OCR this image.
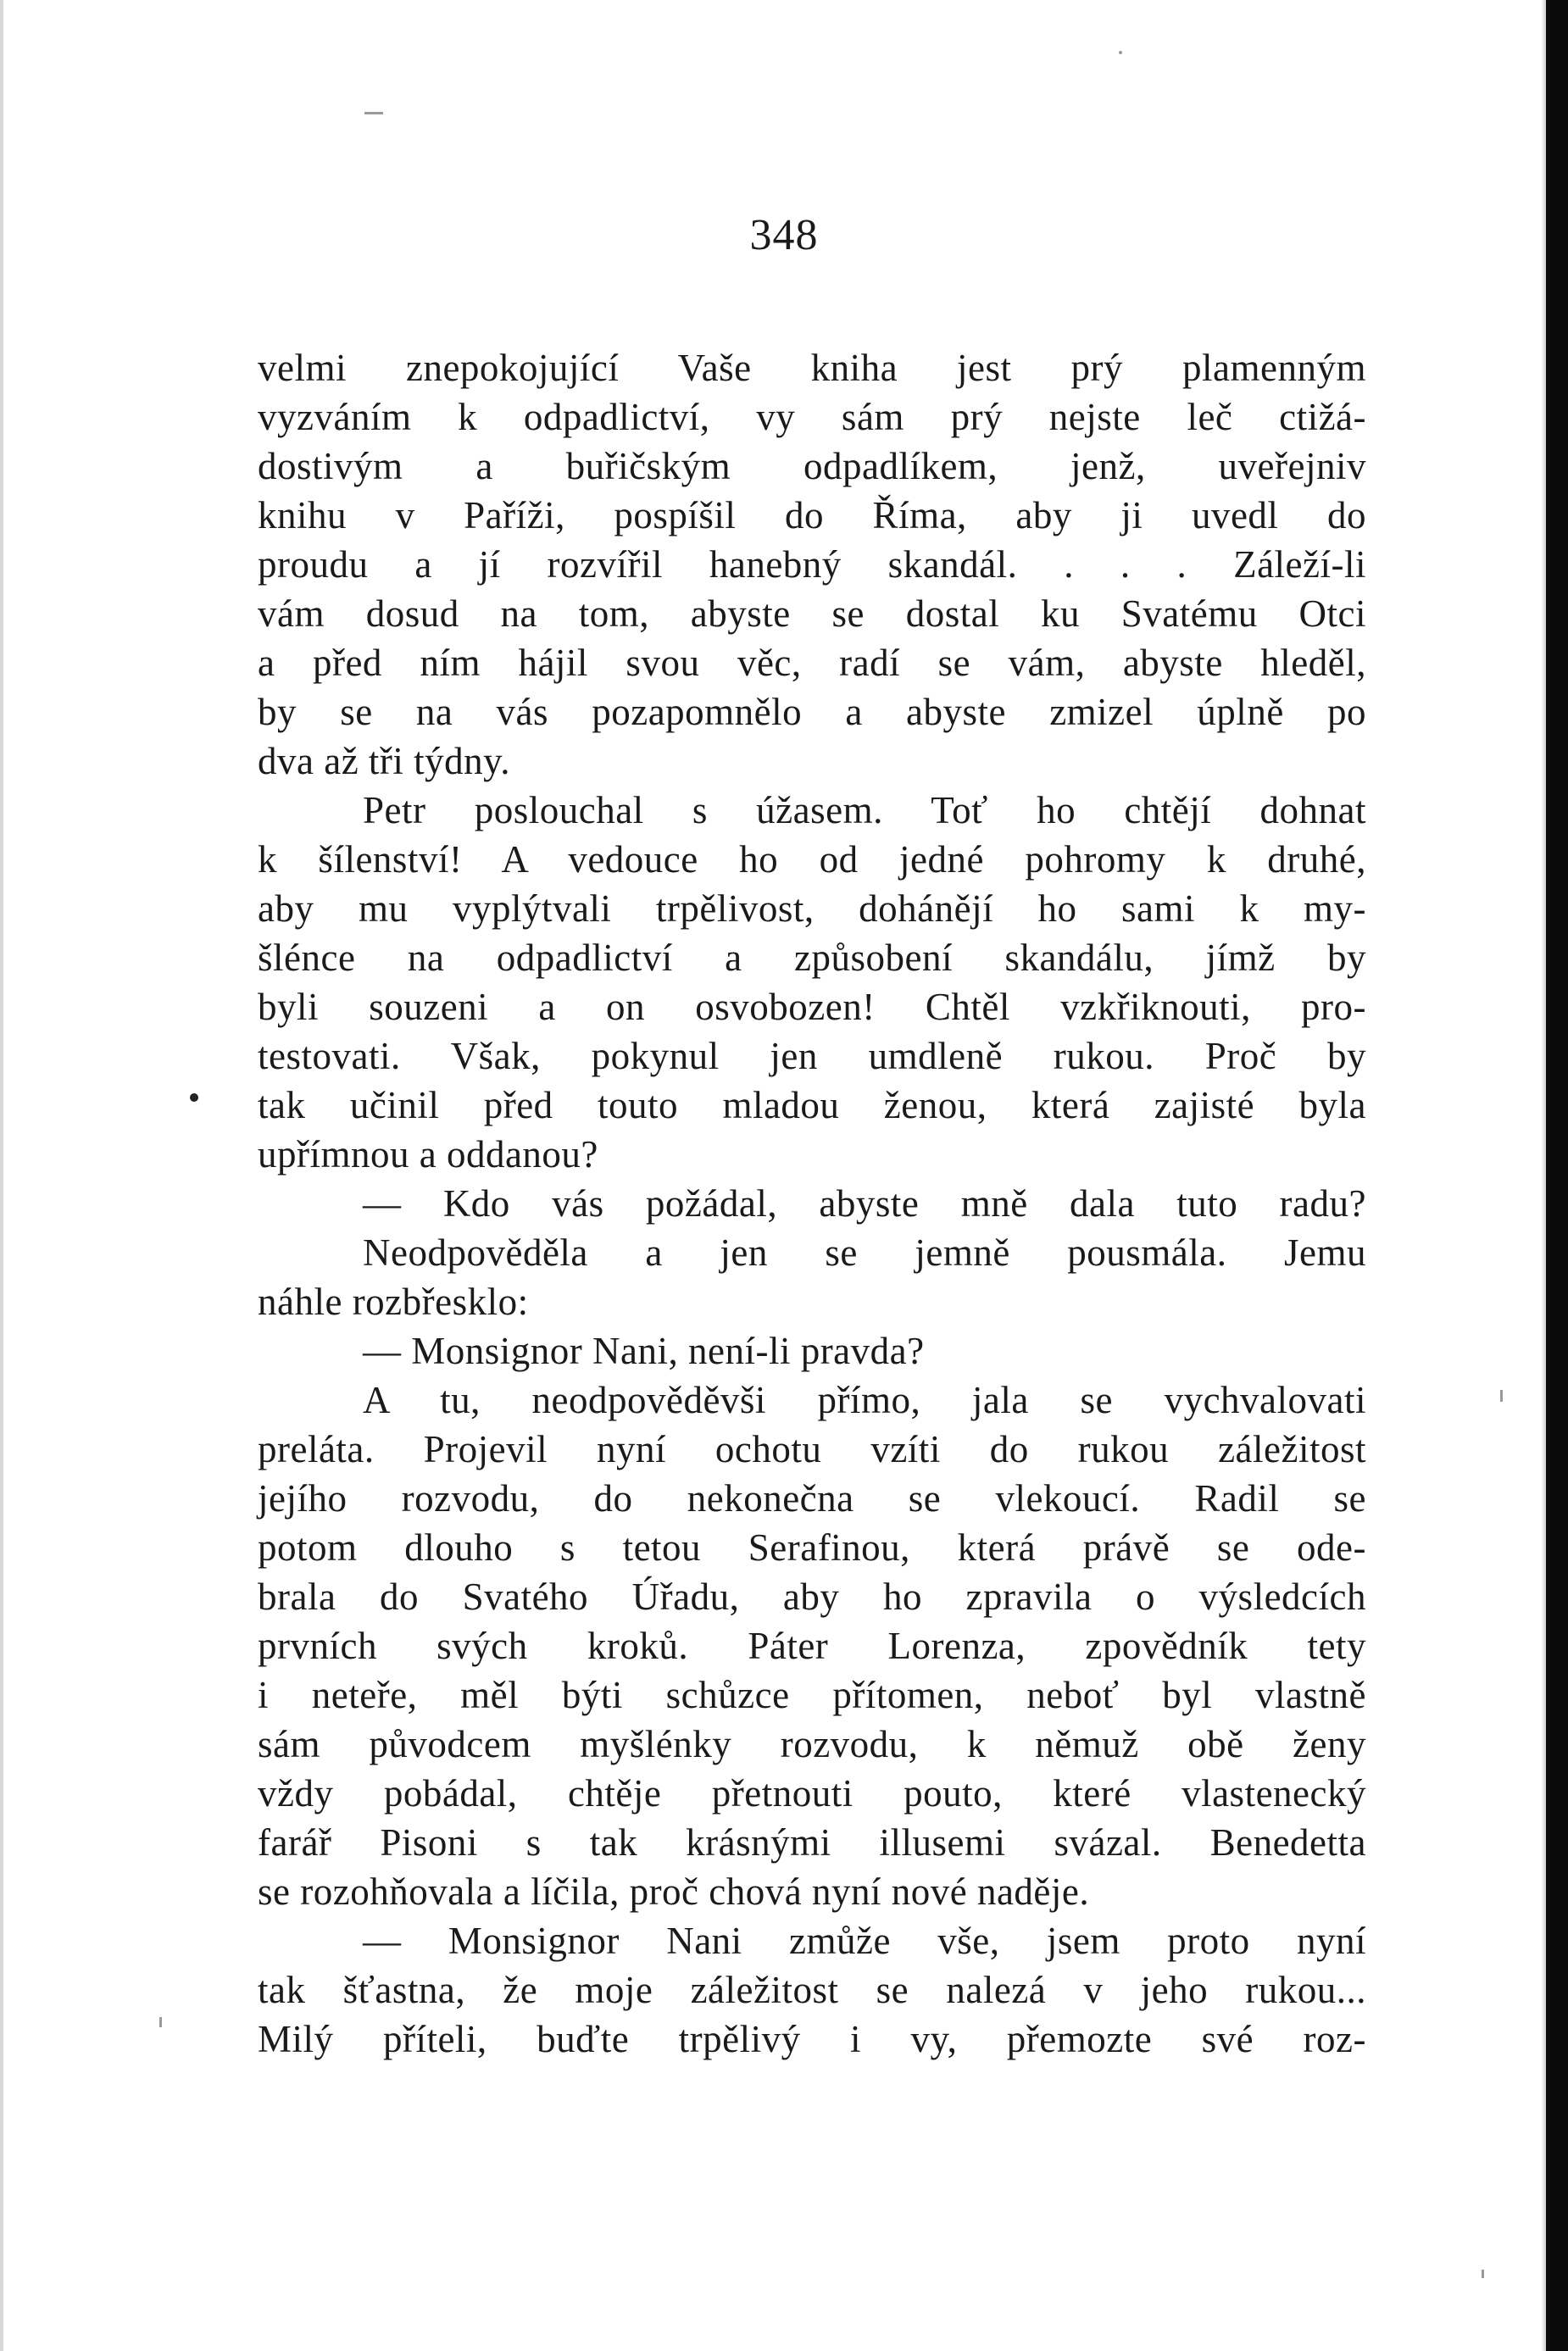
348
velmi znepokojující Vaše kniha jest prý plamenným
vyzváním k odpadlictví, vy sám prý nejste leč ctižá-
dostivým a buřičským odpadlíkem, jenž, uveřejniv
knihu v Paříži, pospíšil do Říma, aby ji uvedl do
proudu a jí rozvířil hanebný skandál. . . . Záleží-li
vám dosud na tom, abyste se dostal ku Svatému Otci
a před ním hájil svou věc, radí se vám, abyste hleděl,
by se na vás pozapomnělo a abyste zmizel úplně po
dva až tři týdny.
Petr poslouchal s úžasem. Toť ho chtějí dohnat
k šílenství! A vedouce ho od jedné pohromy k druhé,
aby mu vyplýtvali trpělivost, dohánějí ho sami k my-
šlénce na odpadlictví a způsobení skandálu, jímž by
byli souzeni a on osvobozen! Chtěl vzkřiknouti, pro-
testovati. Však, pokynul jen umdleně rukou. Proč by
tak učinil před touto mladou ženou, která zajisté byla
upřímnou a oddanou?
— Kdo vás požádal, abyste mně dala tuto radu?
Neodpověděla a jen se jemně pousmála. Jemu
náhle rozbřesklo:
— Monsignor Nani, není-li pravda?
A tu, neodpověděvši přímo, jala se vychvalovati
preláta. Projevil nyní ochotu vzíti do rukou záležitost
jejího rozvodu, do nekonečna se vlekoucí. Radil se
potom dlouho s tetou Serafinou, která právě se ode-
brala do Svatého Úřadu, aby ho zpravila o výsledcích
prvních svých kroků. Páter Lorenza, zpovědník tety
i neteře, měl býti schůzce přítomen, neboť byl vlastně
sám původcem myšlénky rozvodu, k němuž obě ženy
vždy pobádal, chtěje přetnouti pouto, které vlastenecký
farář Pisoni s tak krásnými illusemi svázal. Benedetta
se rozohňovala a líčila, proč chová nyní nové naděje.
— Monsignor Nani zmůže vše, jsem proto nyní
tak šťastna, že moje záležitost se nalezá v jeho rukou...
Milý příteli, buďte trpělivý i vy, přemozte své roz-
